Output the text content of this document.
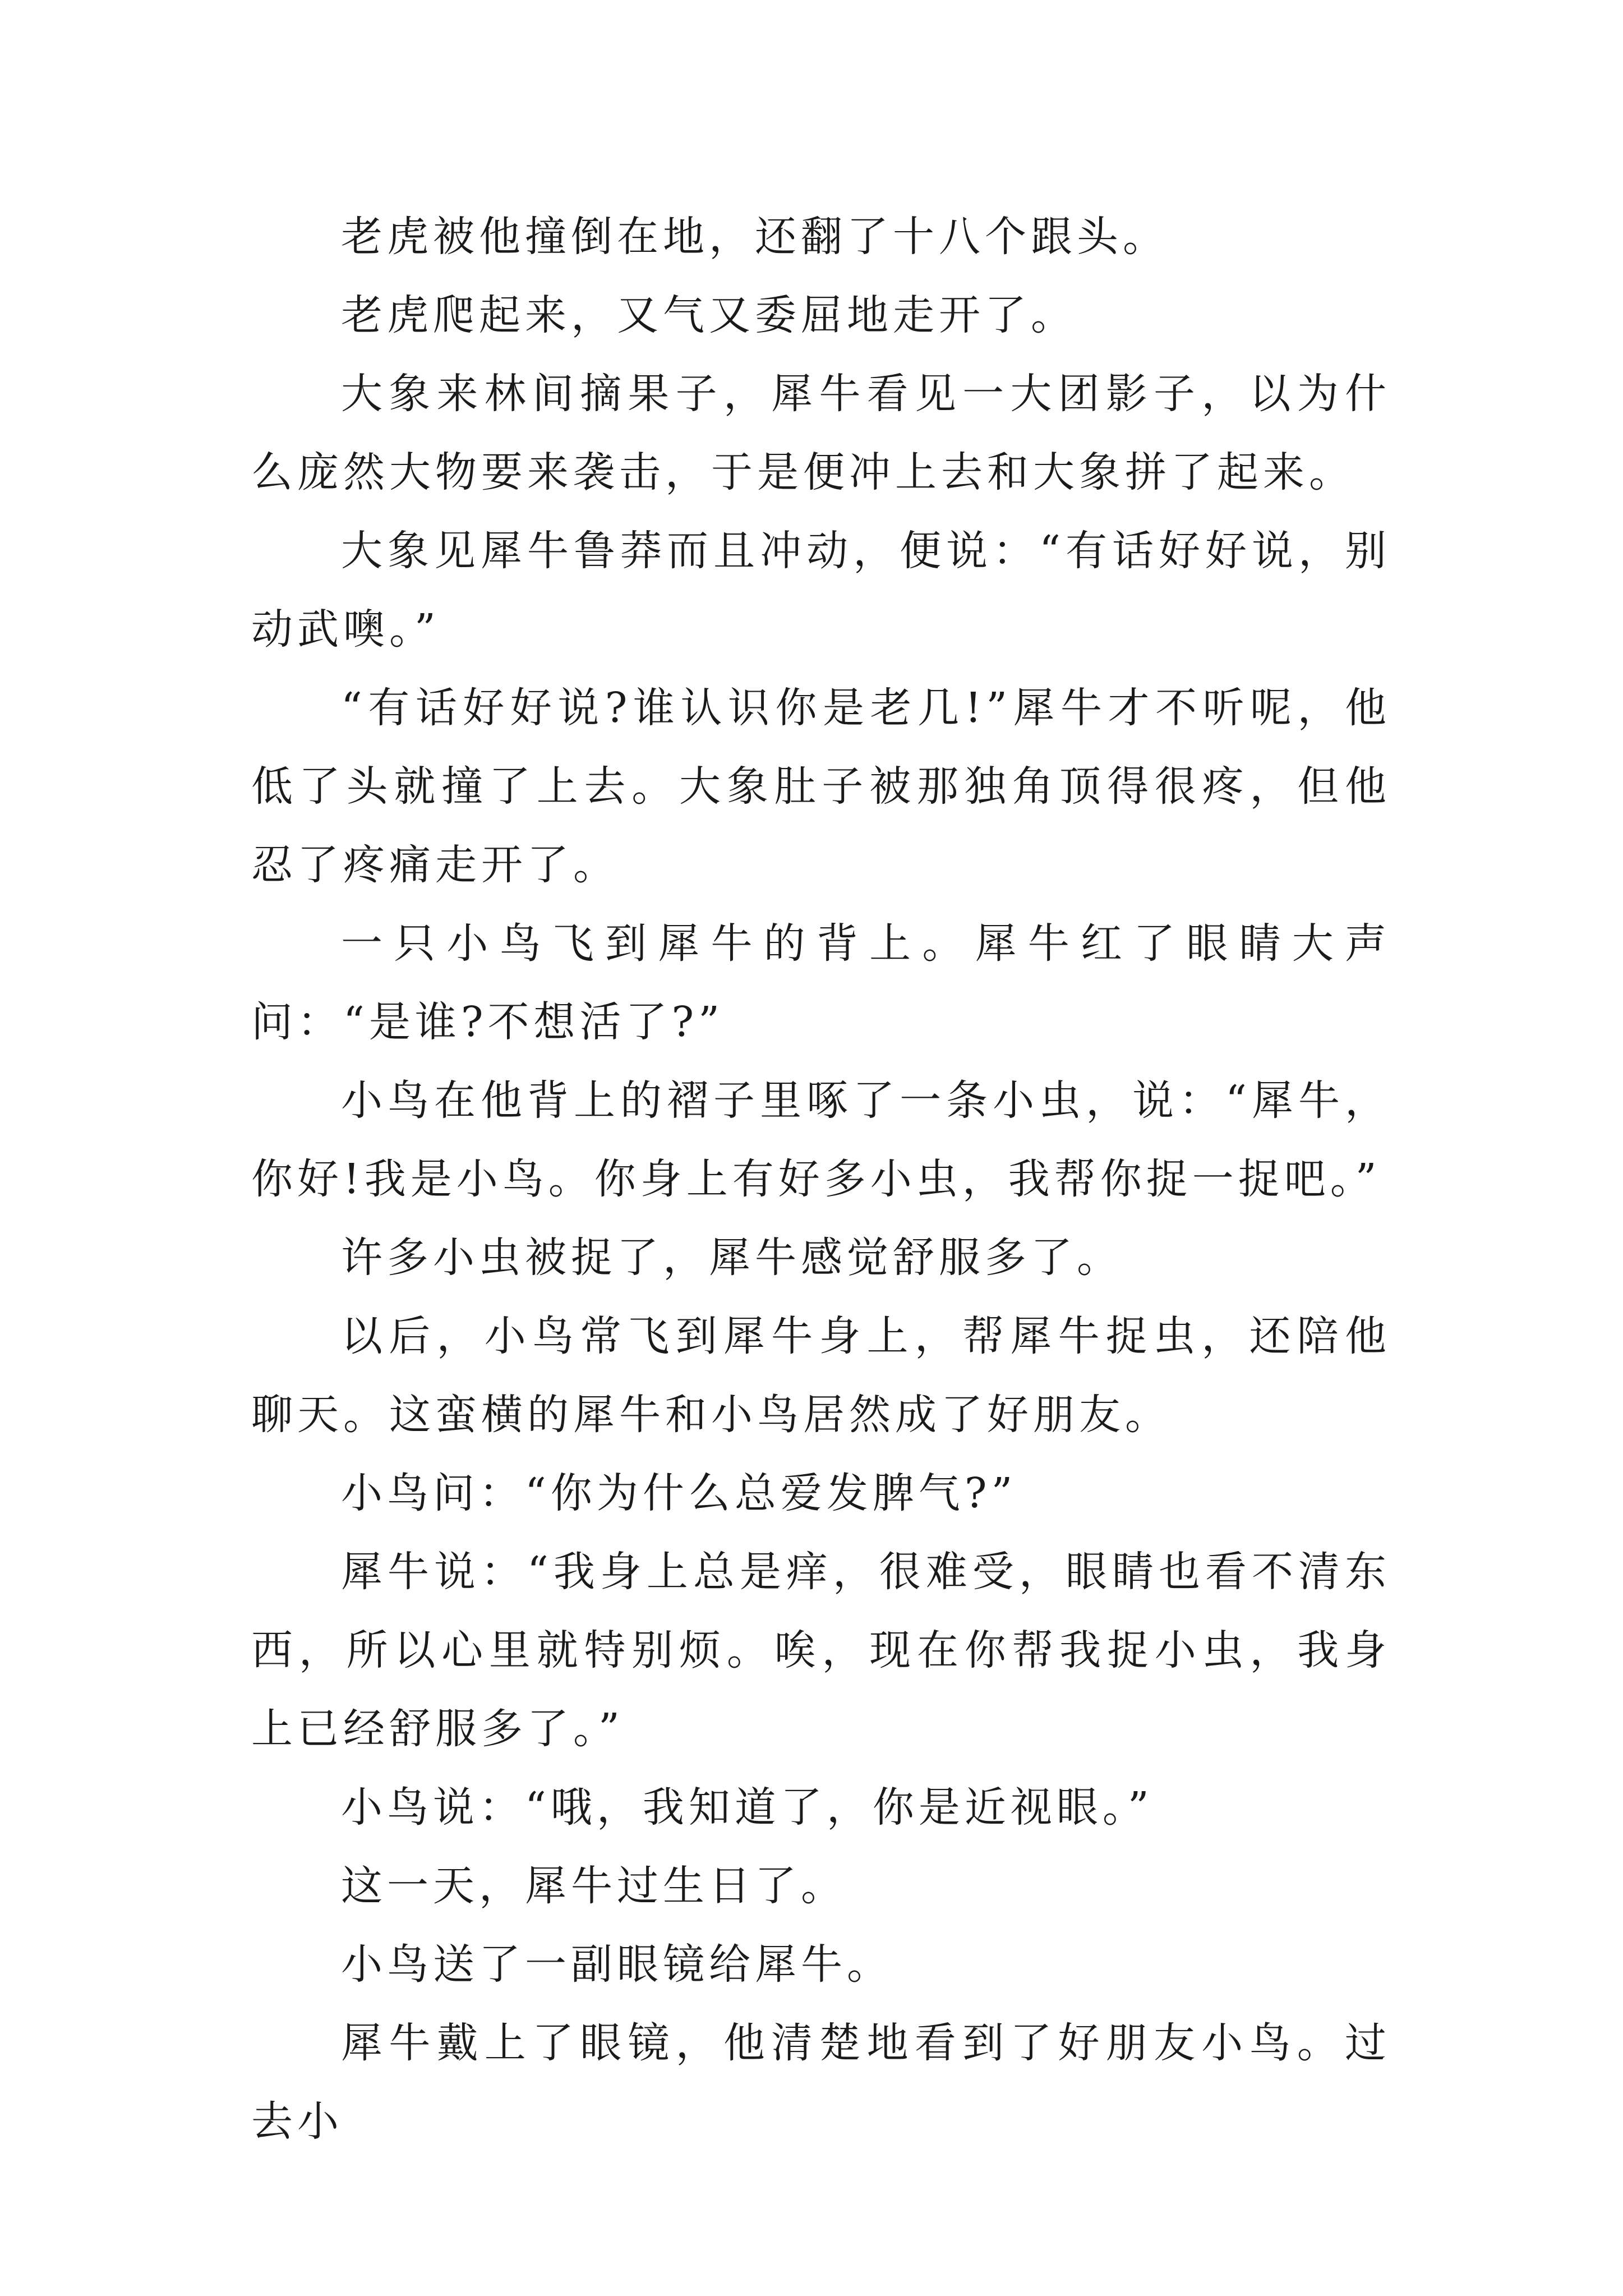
老虎被他撞倒在地，还翻了十八个跟头。

老虎爬起来，又气又委屈地走开了。

大象来林间摘果子，犀牛看见一大团影子，以为什么庞然大物要来袭击，于是便冲上去和大象拼了起来。

大象见犀牛鲁莽而且冲动，便说：“有话好好说，别动武噢。”

“有话好好说?谁认识你是老几!”犀牛才不听呢，他低了头就撞了上去。大象肚子被那独角顶得很疼，但他忍了疼痛走开了。

一只小鸟飞到犀牛的背上。犀牛红了眼睛大声问：“是谁?不想活了?”

小鸟在他背上的褶子里啄了一条小虫，说：“犀牛，你好!我是小鸟。你身上有好多小虫，我帮你捉一捉吧。”

许多小虫被捉了，犀牛感觉舒服多了。

以后，小鸟常飞到犀牛身上，帮犀牛捉虫，还陪他聊天。这蛮横的犀牛和小鸟居然成了好朋友。

小鸟问：“你为什么总爱发脾气?”

犀牛说：“我身上总是痒，很难受，眼睛也看不清东西，所以心里就特别烦。唉，现在你帮我捉小虫，我身上已经舒服多了。”

小鸟说：“哦，我知道了，你是近视眼。”

这一天，犀牛过生日了。

小鸟送了一副眼镜给犀牛。

犀牛戴上了眼镜，他清楚地看到了好朋友小鸟。过去小
